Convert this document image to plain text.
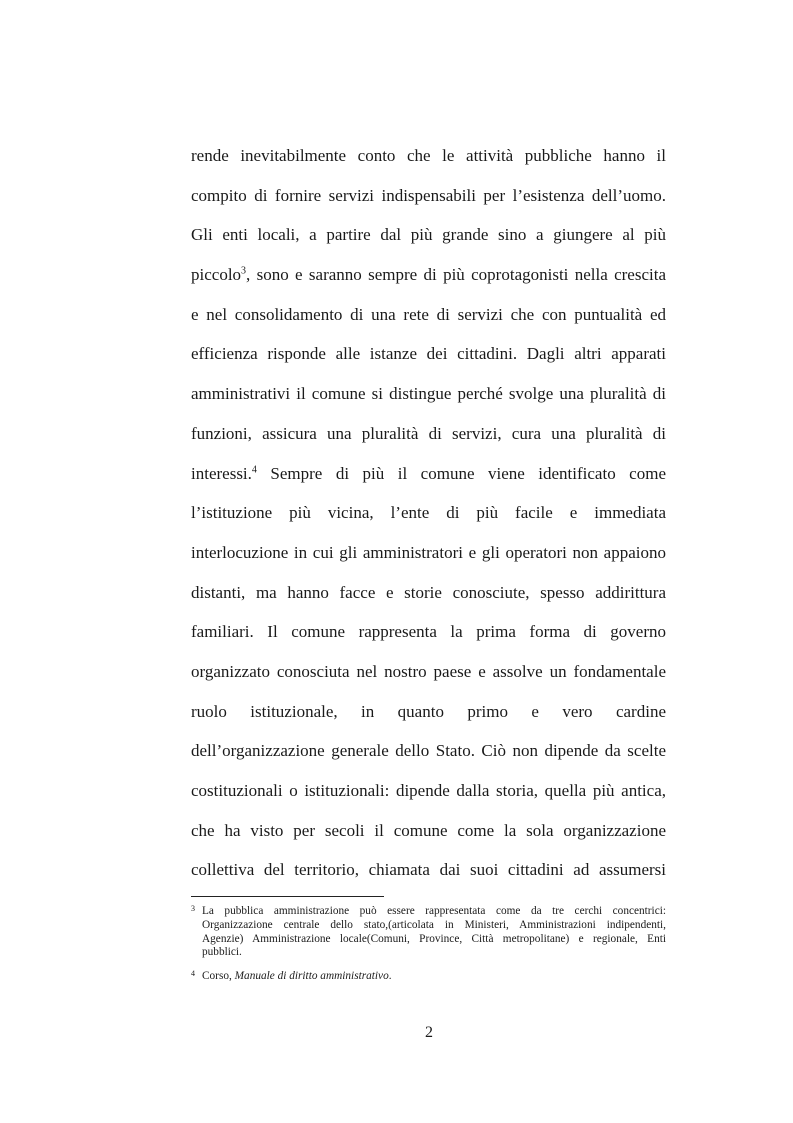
rende inevitabilmente conto che le attività pubbliche hanno il
compito di fornire servizi indispensabili per l’esistenza dell’uomo.
Gli enti locali, a partire dal più grande sino a giungere al più
piccolo$^3$, sono e saranno sempre di più coprotagonisti nella crescita
e nel consolidamento di una rete di servizi che con puntualità ed
efficienza risponde alle istanze dei cittadini. Dagli altri apparati
amministrativi il comune si distingue perché svolge una pluralità di
funzioni, assicura una pluralità di servizi, cura una pluralità di
interessi.$^4$ Sempre di più il comune viene identificato come
l’istituzione più vicina, l’ente di più facile e immediata
interlocuzione in cui gli amministratori e gli operatori non appaiono
distanti, ma hanno facce e storie conosciute, spesso addirittura
familiari. Il comune rappresenta la prima forma di governo
organizzato conosciuta nel nostro paese e assolve un fondamentale
ruolo istituzionale, in quanto primo e vero cardine
dell’organizzazione generale dello Stato. Ciò non dipende da scelte
costituzionali o istituzionali: dipende dalla storia, quella più antica,
che ha visto per secoli il comune come la sola organizzazione
collettiva del territorio, chiamata dai suoi cittadini ad assumersi
3 La pubblica amministrazione può essere rappresentata come da tre cerchi concentrici:
Organizzazione centrale dello stato,(articolata in Ministeri, Amministrazioni indipendenti,
Agenzie) Amministrazione locale(Comuni, Province, Città metropolitane) e regionale, Enti
pubblici.
4 Corso, Manuale di diritto amministrativo.
2
